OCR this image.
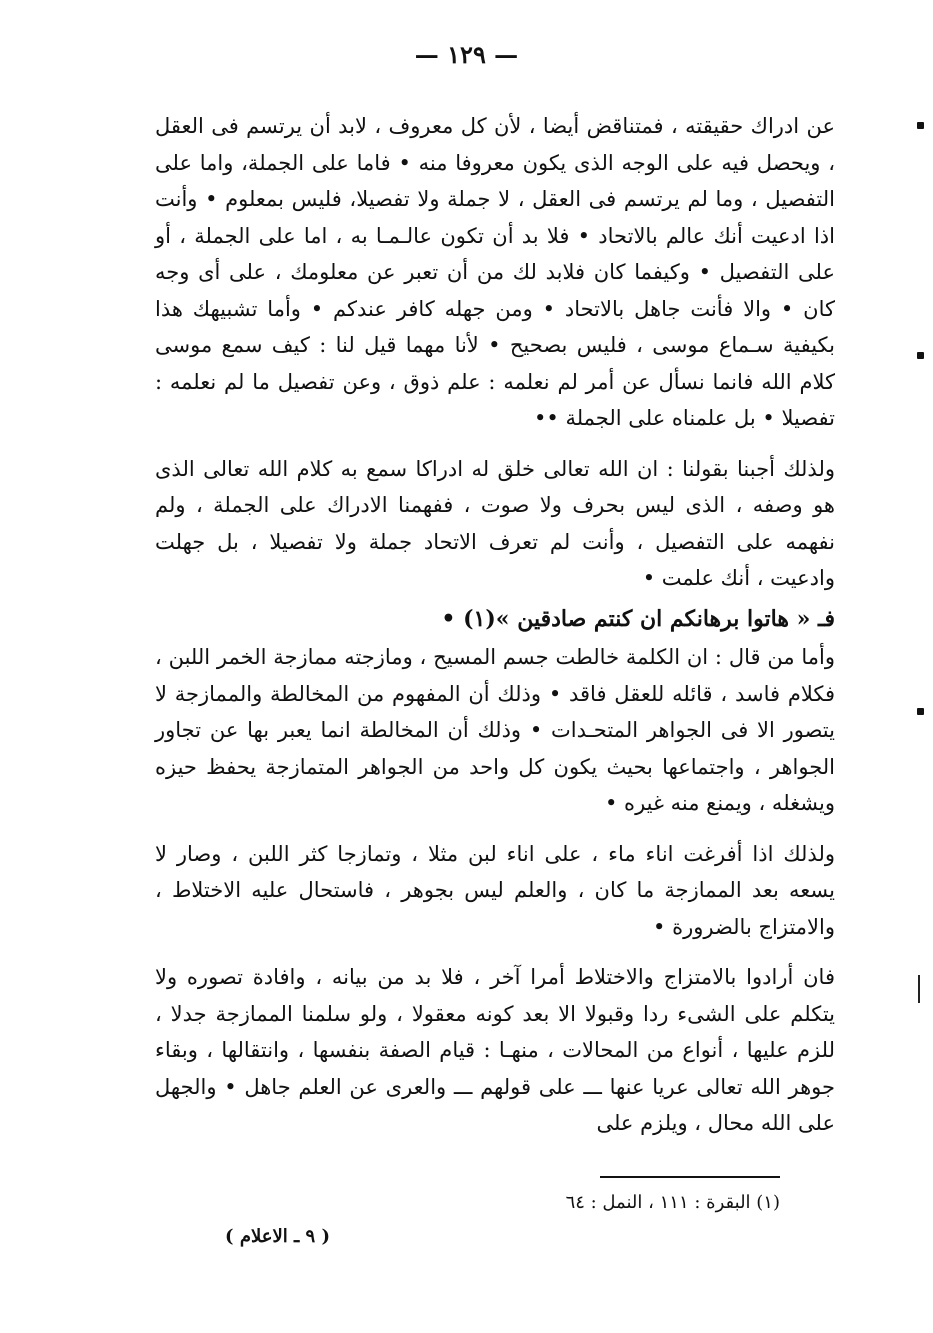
— ١٢٩ —

عن ادراك حقيقته ، فمتناقض أيضا ، لأن كل معروف ، لابد أن يرتسم فى العقل ، ويحصل فيه على الوجه الذى يكون معروفا منه • فاما على الجملة، واما على التفصيل ، وما لم يرتسم فى العقل ، لا جملة ولا تفصيلا، فليس بمعلوم • وأنت اذا ادعيت أنك عالم بالاتحاد • فلا بد أن تكون عالـمـا به ، اما على الجملة ، أو على التفصيل • وكيفما كان فلابد لك من أن تعبر عن معلومك ، على أى وجه كان • والا فأنت جاهل بالاتحاد • ومن جهله كافر عندكم • وأما تشبيهك هذا بكيفية سـماع موسى ، فليس بصحيح • لأنا مهما قيل لنا : كيف سمع موسى كلام الله فانما نسأل عن أمر لم نعلمه : علم ذوق ، وعن تفصيل ما لم نعلمه : تفصيلا • بل علمناه على الجملة ••

ولذلك أجبنا بقولنا : ان الله تعالى خلق له ادراكا سمع به كلام الله تعالى الذى هو وصفه ، الذى ليس بحرف ولا صوت ، ففهمنا الادراك على الجملة ، ولم نفهمه على التفصيل ، وأنت لم تعرف الاتحاد جملة ولا تفصيلا ، بل جهلت وادعيت ، أنك علمت •

فـ « هاتوا برهانكم ان كنتم صادقين »(١) •

وأما من قال : ان الكلمة خالطت جسم المسيح ، ومازجته ممازجة الخمر اللبن ، فكلام فاسد ، قائله للعقل فاقد • وذلك أن المفهوم من المخالطة والممازجة لا يتصور الا فى الجواهر المتحـدات • وذلك أن المخالطة انما يعبر بها عن تجاور الجواهر ، واجتماعها بحيث يكون كل واحد من الجواهر المتمازجة يحفظ حيزه ويشغله ، ويمنع منه غيره •

ولذلك اذا أفرغت اناء ماء ، على اناء لبن مثلا ، وتمازجا كثر اللبن ، وصار لا يسعه بعد الممازجة ما كان ، والعلم ليس بجوهر ، فاستحال عليه الاختلاط ، والامتزاج بالضرورة •

فان أرادوا بالامتزاج والاختلاط أمرا آخر ، فلا بد من بيانه ، وافادة تصوره ولا يتكلم على الشىء ردا وقبولا الا بعد كونه معقولا ، ولو سلمنا الممازجة جدلا ، للزم عليها ، أنواع من المحالات ، منهـا : قيام الصفة بنفسها ، وانتقالها ، وبقاء جوهر الله تعالى عريا عنها ـــ على قولهم ـــ والعرى عن العلم جاهل • والجهل على الله محال ، ويلزم على

(١) البقرة : ١١١ ، النمل : ٦٤
( ٩ ـ الاعلام )
